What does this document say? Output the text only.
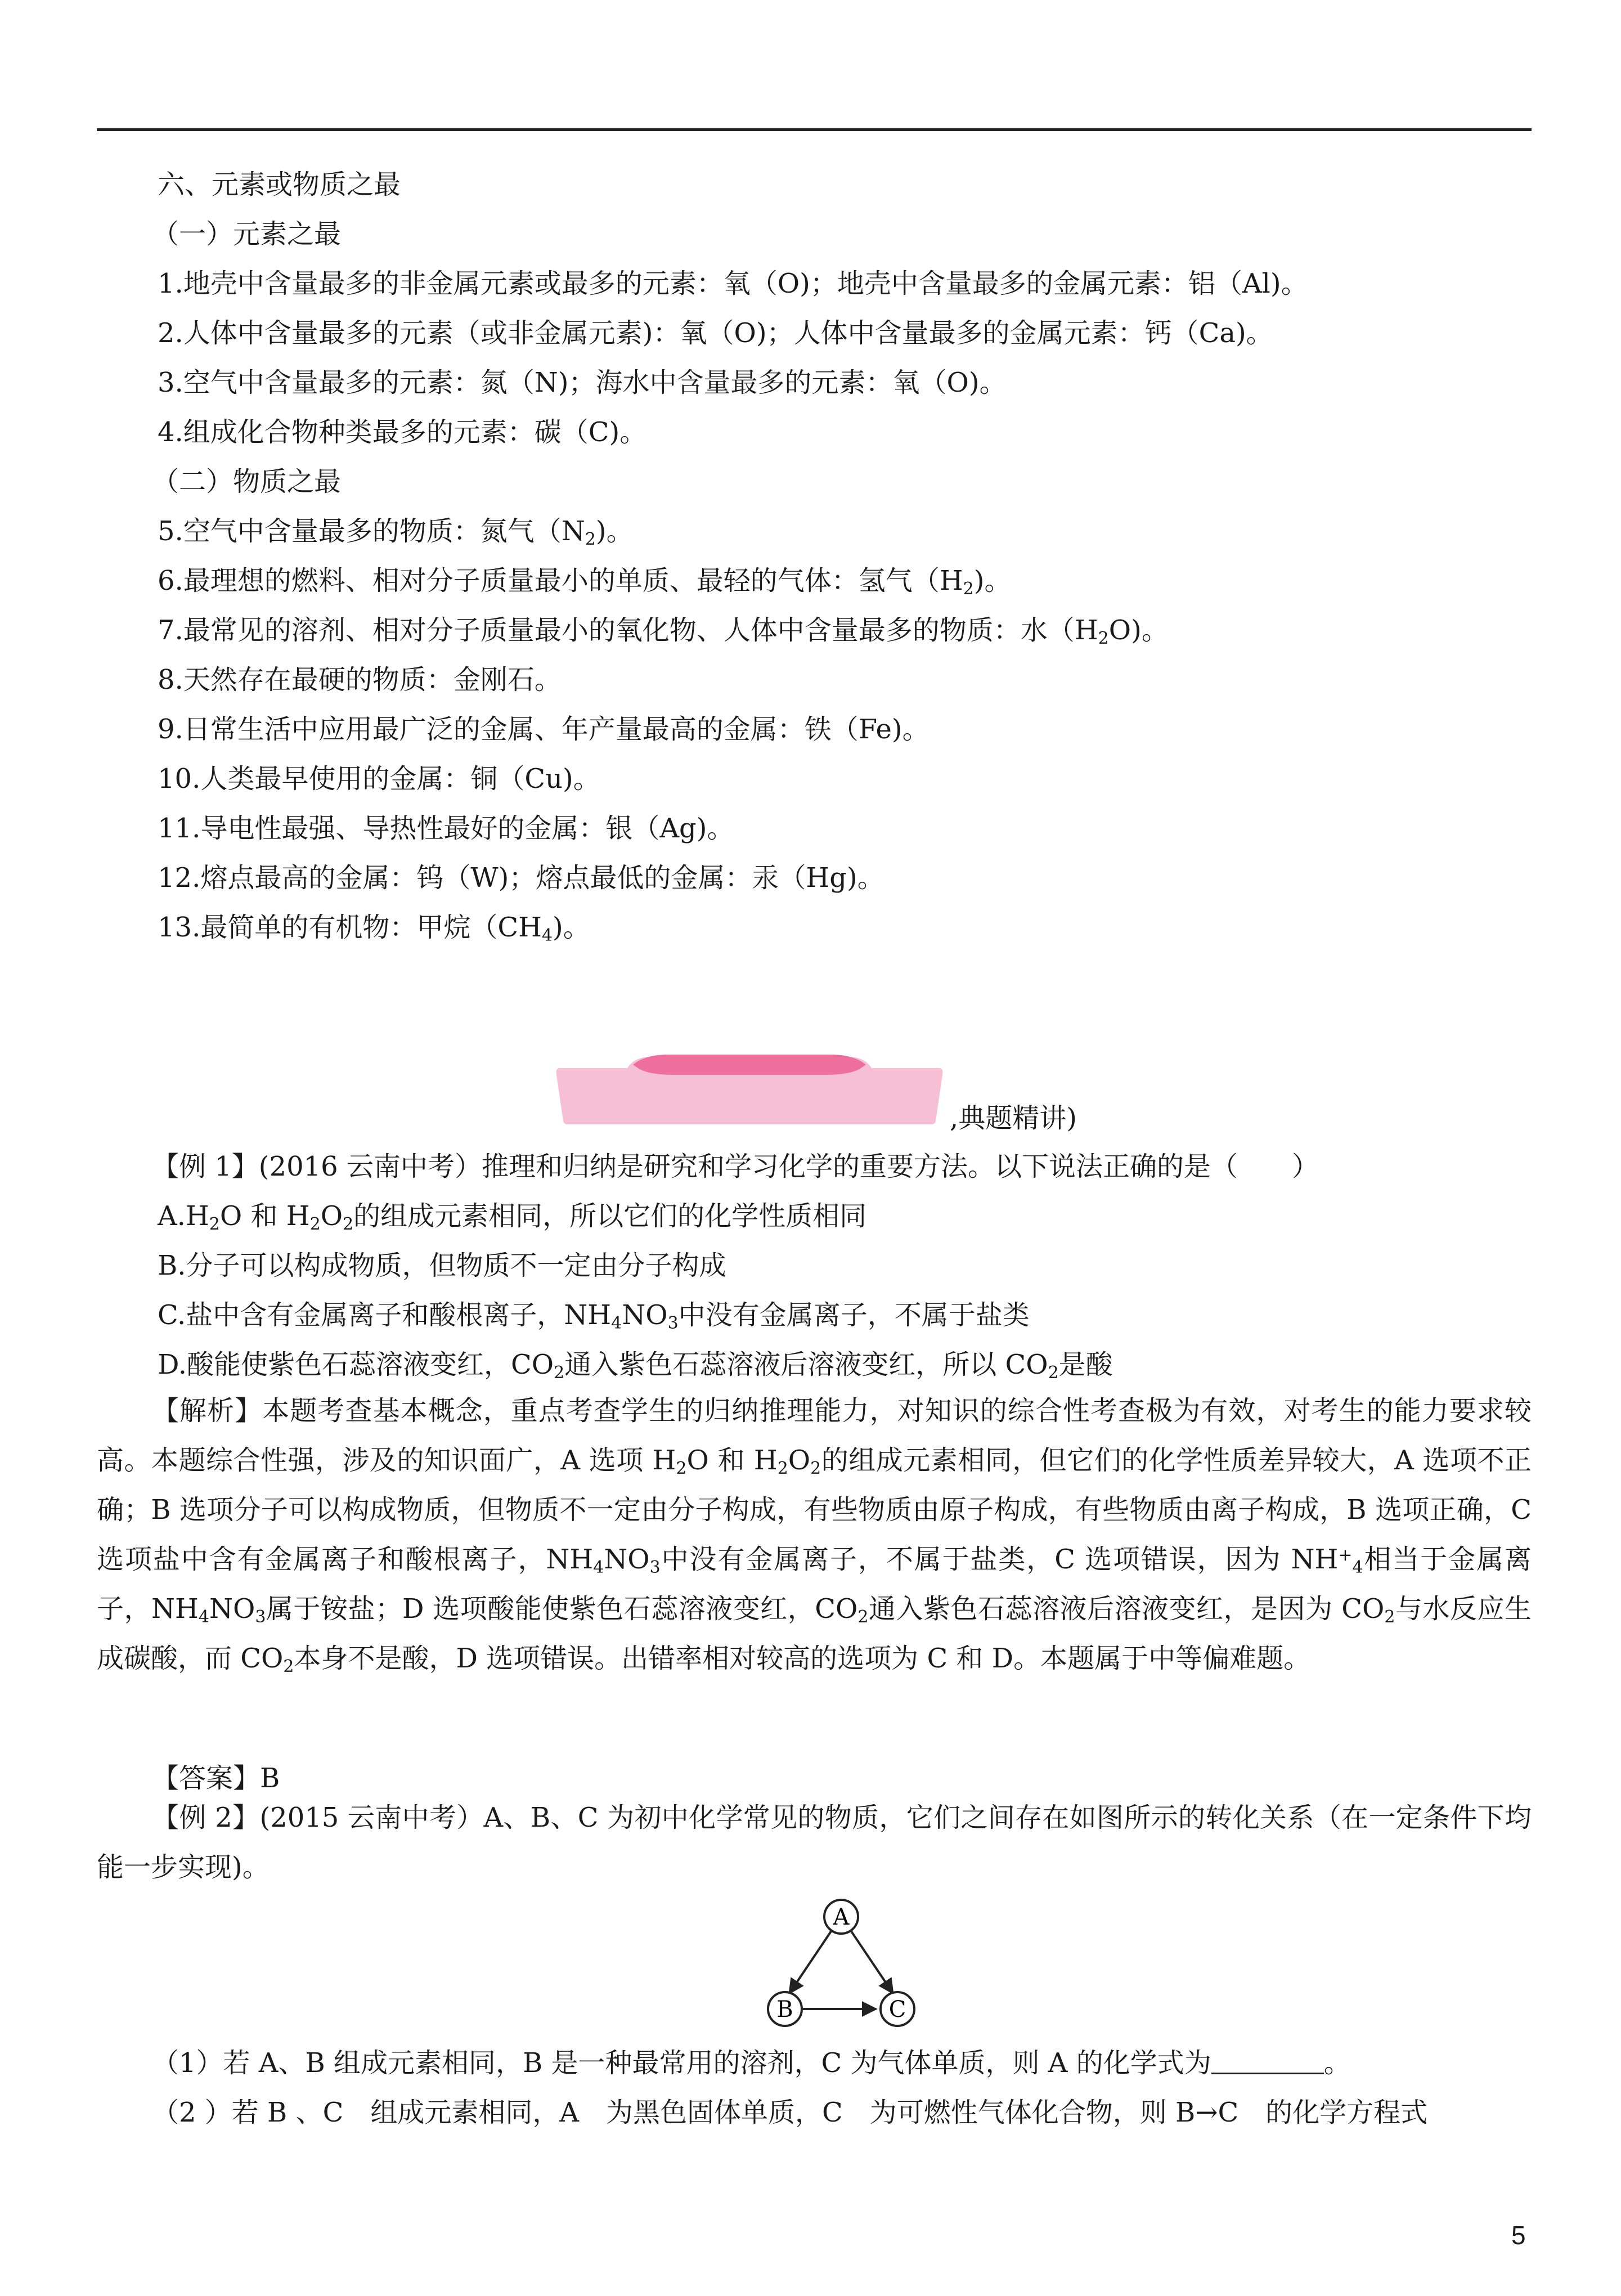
六、元素或物质之最
（一）元素之最
1.地壳中含量最多的非金属元素或最多的元素：氧（O)；地壳中含量最多的金属元素：铝（Al)。
2.人体中含量最多的元素（或非金属元素)：氧（O)；人体中含量最多的金属元素：钙（Ca)。
3.空气中含量最多的元素：氮（N)；海水中含量最多的元素：氧（O)。
4.组成化合物种类最多的元素：碳（C)。
（二）物质之最
5.空气中含量最多的物质：氮气$(N_2)$。
6.最理想的燃料、相对分子质量最小的单质、最轻的气体：氢气$(H_2)$。
7.最常见的溶剂、相对分子质量最小的氧化物、人体中含量最多的物质：水$(H_2O)$。
8.天然存在最硬的物质：金刚石。
9.日常生活中应用最广泛的金属、年产量最高的金属：铁（Fe)。
10.人类最早使用的金属：铜（Cu)。
11.导电性最强、导热性最好的金属：银（Ag)。
12.熔点最高的金属：钨（W)；熔点最低的金属：汞（Hg)。
13.最简单的有机物：甲烷$(CH_4)$。
,典题精讲)
【例 1】(2016 云南中考）推理和归纳是研究和学习化学的重要方法。以下说法正确的是（　　）
$A.H_2O$ 和 $H_2O_2$的组成元素相同，所以它们的化学性质相同
B.分子可以构成物质，但物质不一定由分子构成
C.盐中含有金属离子和酸根离子，$NH_4NO_3$中没有金属离子，不属于盐类
D.酸能使紫色石蕊溶液变红，$CO_2$通入紫色石蕊溶液后溶液变红，所以 $CO_2$是酸
【解析】本题考查基本概念，重点考查学生的归纳推理能力，对知识的综合性考查极为有效，对考生的能力要求较高。本题综合性强，涉及的知识面广，A 选项 $H_2O$ 和 $H_2O_2$的组成元素相同，但它们的化学性质差异较大，A 选项不正确；B 选项分子可以构成物质，但物质不一定由分子构成，有些物质由原子构成，有些物质由离子构成，B 选项正确，C 选项盐中含有金属离子和酸根离子，$NH_4NO_3$中没有金属离子，不属于盐类，C 选项错误，因为 $NH^+_4$相当于金属离子，$NH_4NO_3$属于铵盐；D 选项酸能使紫色石蕊溶液变红，$CO_2$通入紫色石蕊溶液后溶液变红，是因为 $CO_2$与水反应生成碳酸，而 $CO_2$本身不是酸，D 选项错误。出错率相对较高的选项为 C 和 D。本题属于中等偏难题。
【答案】B
【例 2】(2015 云南中考）A、B、C 为初中化学常见的物质，它们之间存在如图所示的转化关系（在一定条件下均能一步实现)。
A
B	C
（1）若 A、B 组成元素相同，B 是一种最常用的溶剂，C 为气体单质，则 A 的化学式为	。
（2 ）若 B 、C　组成元素相同，A　为黑色固体单质，C　为可燃性气体化合物，则 B→C　的化学方程式
5
